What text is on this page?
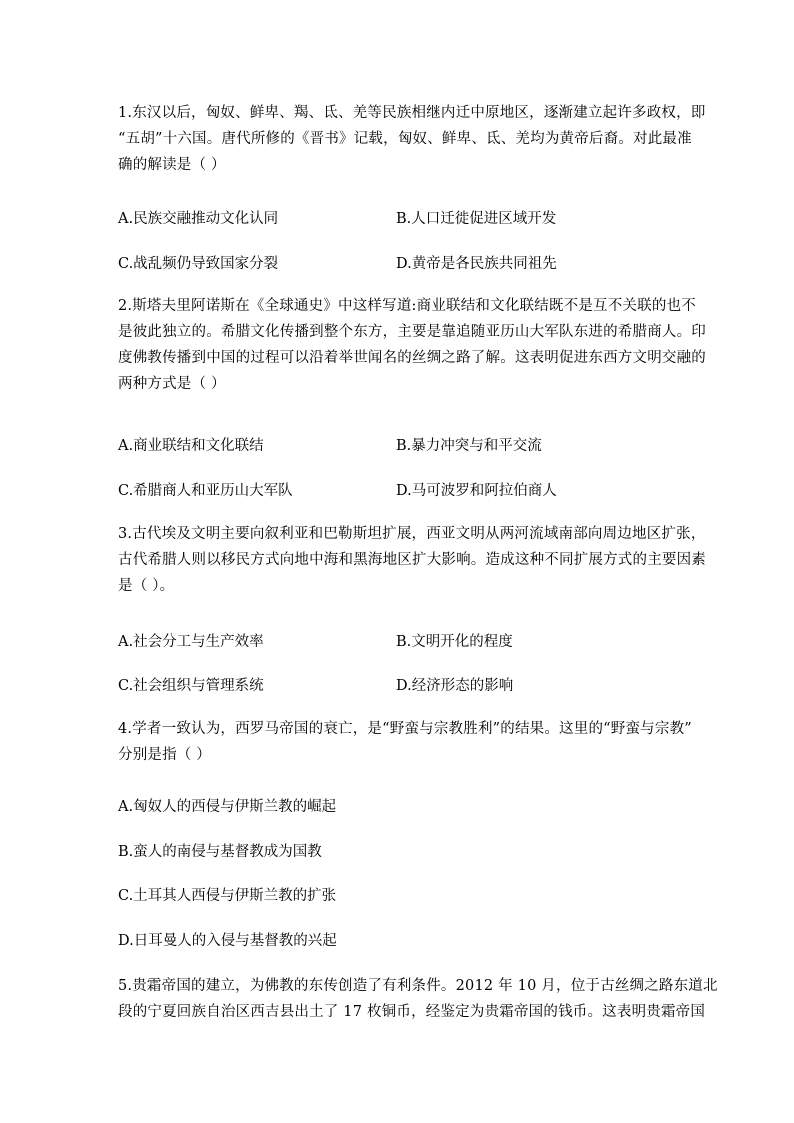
1.东汉以后，匈奴、鲜卑、羯、氐、羌等民族相继内迁中原地区，逐渐建立起许多政权，即
“五胡”十六国。唐代所修的《晋书》记载，匈奴、鲜卑、氐、羌均为黄帝后裔。对此最准
确的解读是（ ）
A.民族交融推动文化认同	B.人口迁徙促进区域开发
C.战乱频仍导致国家分裂	D.黄帝是各民族共同祖先
2.斯塔夫里阿诺斯在《全球通史》中这样写道:商业联结和文化联结既不是互不关联的也不
是彼此独立的。希腊文化传播到整个东方，主要是靠追随亚历山大军队东进的希腊商人。印
度佛教传播到中国的过程可以沿着举世闻名的丝绸之路了解。这表明促进东西方文明交融的
两种方式是（ ）
A.商业联结和文化联结	B.暴力冲突与和平交流
C.希腊商人和亚历山大军队	D.马可波罗和阿拉伯商人
3.古代埃及文明主要向叙利亚和巴勒斯坦扩展，西亚文明从两河流域南部向周边地区扩张，
古代希腊人则以移民方式向地中海和黑海地区扩大影响。造成这种不同扩展方式的主要因素
是（ ）。
A.社会分工与生产效率	B.文明开化的程度
C.社会组织与管理系统	D.经济形态的影响
4.学者一致认为，西罗马帝国的衰亡，是“野蛮与宗教胜利”的结果。这里的“野蛮与宗教”
分别是指（ ）
A.匈奴人的西侵与伊斯兰教的崛起
B.蛮人的南侵与基督教成为国教
C.土耳其人西侵与伊斯兰教的扩张
D.日耳曼人的入侵与基督教的兴起
5.贵霜帝国的建立，为佛教的东传创造了有利条件。2012 年 10 月，位于古丝绸之路东道北
段的宁夏回族自治区西吉县出土了 17 枚铜币，经鉴定为贵霜帝国的钱币。这表明贵霜帝国
